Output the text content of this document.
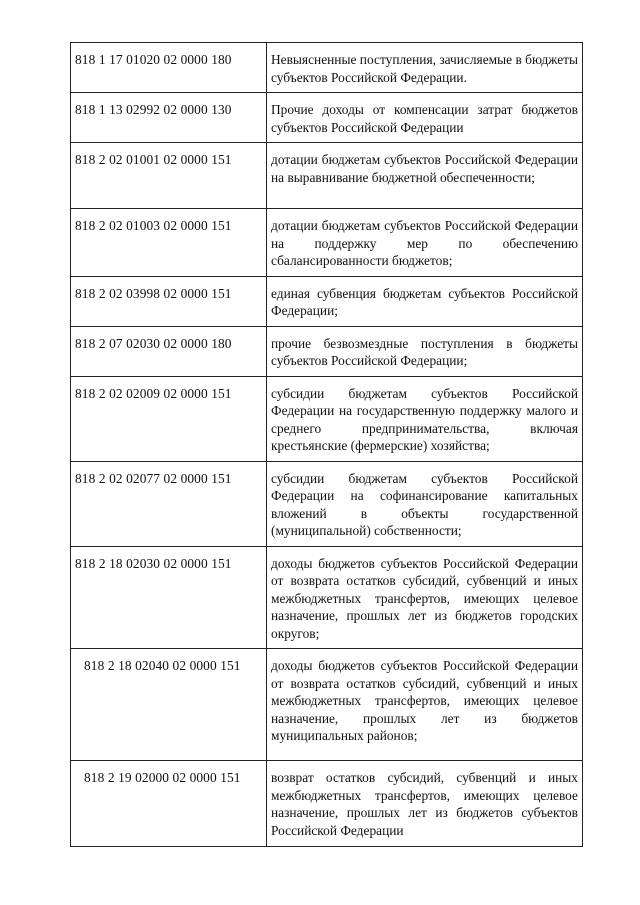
818 1 17 01020 02 0000 180	Невыясненные поступления, зачисляемые в бюджеты субъектов Российской Федерации.
818 1 13 02992 02 0000 130	Прочие доходы от компенсации затрат бюджетов субъектов Российской Федерации
818 2 02 01001 02 0000 151	дотации бюджетам субъектов Российской Федерации на выравнивание бюджетной обеспеченности;
818 2 02 01003 02 0000 151	дотации бюджетам субъектов Российской Федерации на поддержку мер по обеспечению сбалансированности бюджетов;
818 2 02 03998 02 0000 151	единая субвенция бюджетам субъектов Российской Федерации;
818 2 07 02030 02 0000 180	прочие безвозмездные поступления в бюджеты субъектов Российской Федерации;
818 2 02 02009 02 0000 151	субсидии бюджетам субъектов Российской Федерации на государственную поддержку малого и среднего предпринимательства, включая крестьянские (фермерские) хозяйства;
818 2 02 02077 02 0000 151	субсидии бюджетам субъектов Российской Федерации на софинансирование капитальных вложений в объекты государственной (муниципальной) собственности;
818 2 18 02030 02 0000 151	доходы бюджетов субъектов Российской Федерации от возврата остатков субсидий, субвенций и иных межбюджетных трансфертов, имеющих целевое назначение, прошлых лет из бюджетов городских округов;
818 2 18 02040 02 0000 151	доходы бюджетов субъектов Российской Федерации от возврата остатков субсидий, субвенций и иных межбюджетных трансфертов, имеющих целевое назначение, прошлых лет из бюджетов муниципальных районов;
818 2 19 02000 02 0000 151	возврат остатков субсидий, субвенций и иных межбюджетных трансфертов, имеющих целевое назначение, прошлых лет из бюджетов субъектов Российской Федерации
